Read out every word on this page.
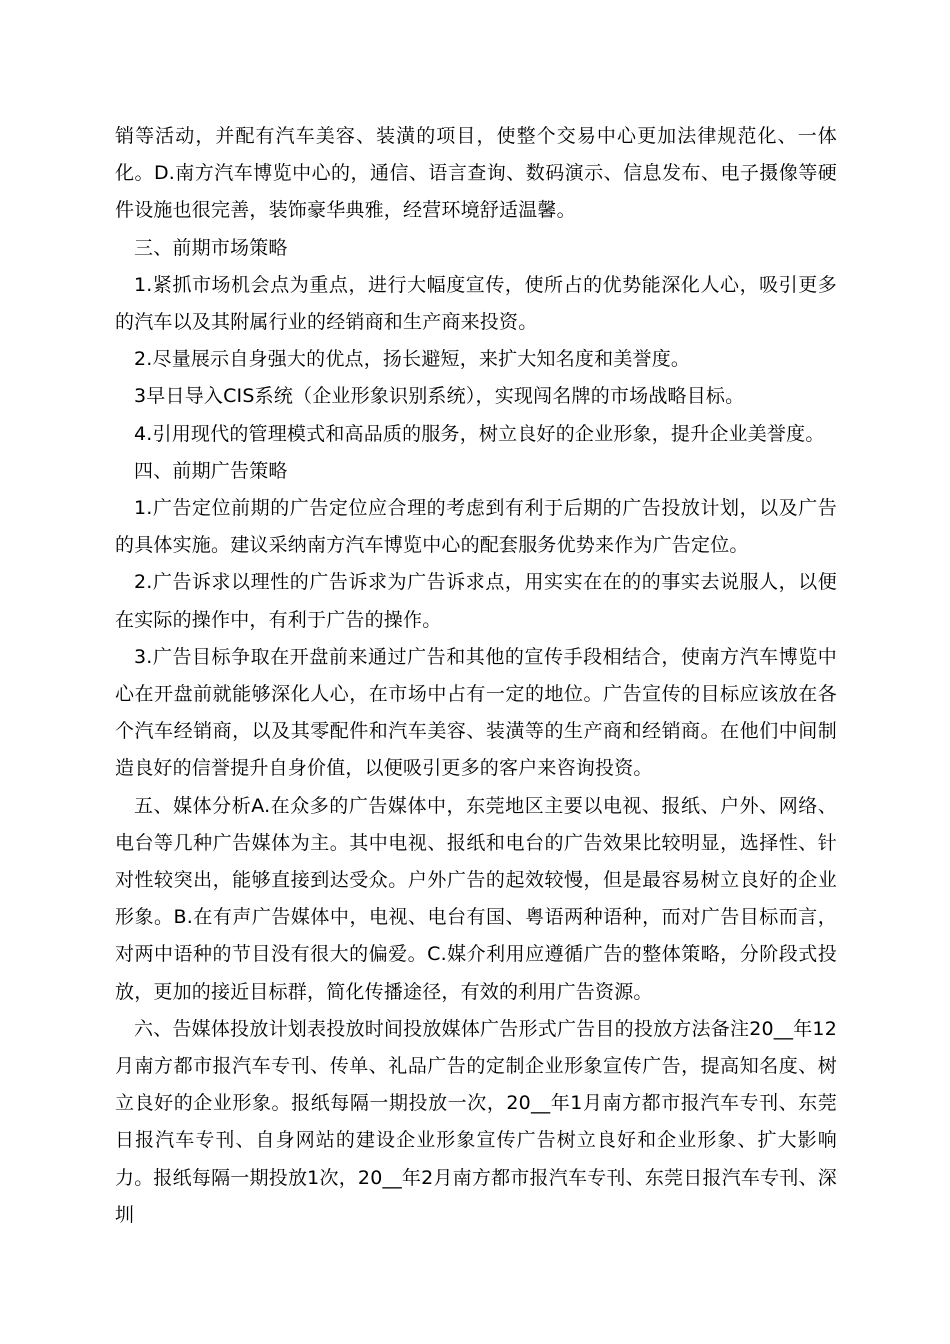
销等活动，并配有汽车美容、装潢的项目，使整个交易中心更加法律规范化、一体化。D.南方汽车博览中心的，通信、语言查询、数码演示、信息发布、电子摄像等硬件设施也很完善，装饰豪华典雅，经营环境舒适温馨。

三、前期市场策略

1.紧抓市场机会点为重点，进行大幅度宣传，使所占的优势能深化人心，吸引更多的汽车以及其附属行业的经销商和生产商来投资。

2.尽量展示自身强大的优点，扬长避短，来扩大知名度和美誉度。

3早日导入CIS系统（企业形象识别系统），实现闯名牌的市场战略目标。

4.引用现代的管理模式和高品质的服务，树立良好的企业形象，提升企业美誉度。

四、前期广告策略

1.广告定位前期的广告定位应合理的考虑到有利于后期的广告投放计划，以及广告的具体实施。建议采纳南方汽车博览中心的配套服务优势来作为广告定位。

2.广告诉求以理性的广告诉求为广告诉求点，用实实在在的的事实去说服人，以便在实际的操作中，有利于广告的操作。

3.广告目标争取在开盘前来通过广告和其他的宣传手段相结合，使南方汽车博览中心在开盘前就能够深化人心，在市场中占有一定的地位。广告宣传的目标应该放在各个汽车经销商，以及其零配件和汽车美容、装潢等的生产商和经销商。在他们中间制造良好的信誉提升自身价值，以便吸引更多的客户来咨询投资。

五、媒体分析A.在众多的广告媒体中，东莞地区主要以电视、报纸、户外、网络、电台等几种广告媒体为主。其中电视、报纸和电台的广告效果比较明显，选择性、针对性较突出，能够直接到达受众。户外广告的起效较慢，但是最容易树立良好的企业形象。B.在有声广告媒体中，电视、电台有国、粤语两种语种，而对广告目标而言，对两中语种的节目没有很大的偏爱。C.媒介利用应遵循广告的整体策略，分阶段式投放，更加的接近目标群，简化传播途径，有效的利用广告资源。

六、告媒体投放计划表投放时间投放媒体广告形式广告目的投放方法备注20__年12月南方都市报汽车专刊、传单、礼品广告的定制企业形象宣传广告，提高知名度、树立良好的企业形象。报纸每隔一期投放一次，20__年1月南方都市报汽车专刊、东莞日报汽车专刊、自身网站的建设企业形象宣传广告树立良好和企业形象、扩大影响力。报纸每隔一期投放1次，20__年2月南方都市报汽车专刊、东莞日报汽车专刊、深圳
